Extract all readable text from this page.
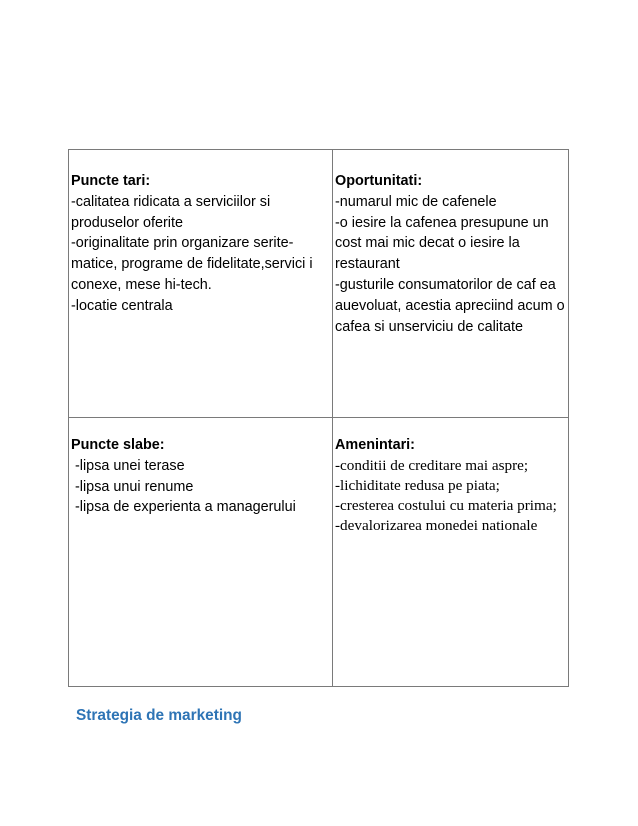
Puncte tari:
-calitatea ridicata a serviciilor si produselor oferite
-originalitate prin organizare serite-matice, programe de fidelitate,servici i conexe, mese hi-tech.
-locatie centrala
Oportunitati:
-numarul mic de cafenele
-o iesire la cafenea presupune un cost mai mic decat o iesire la restaurant
-gusturile consumatorilor de caf ea auevoluat, acestia apreciind acum o cafea si unserviciu de calitate
Puncte slabe:
-lipsa unei terase
-lipsa unui renume
-lipsa de experienta a managerului
Amenintari:
-conditii de creditare mai aspre;
-lichiditate redusa pe piata;
-cresterea costului cu materia prima;
-devalorizarea monedei nationale
Strategia de marketing
